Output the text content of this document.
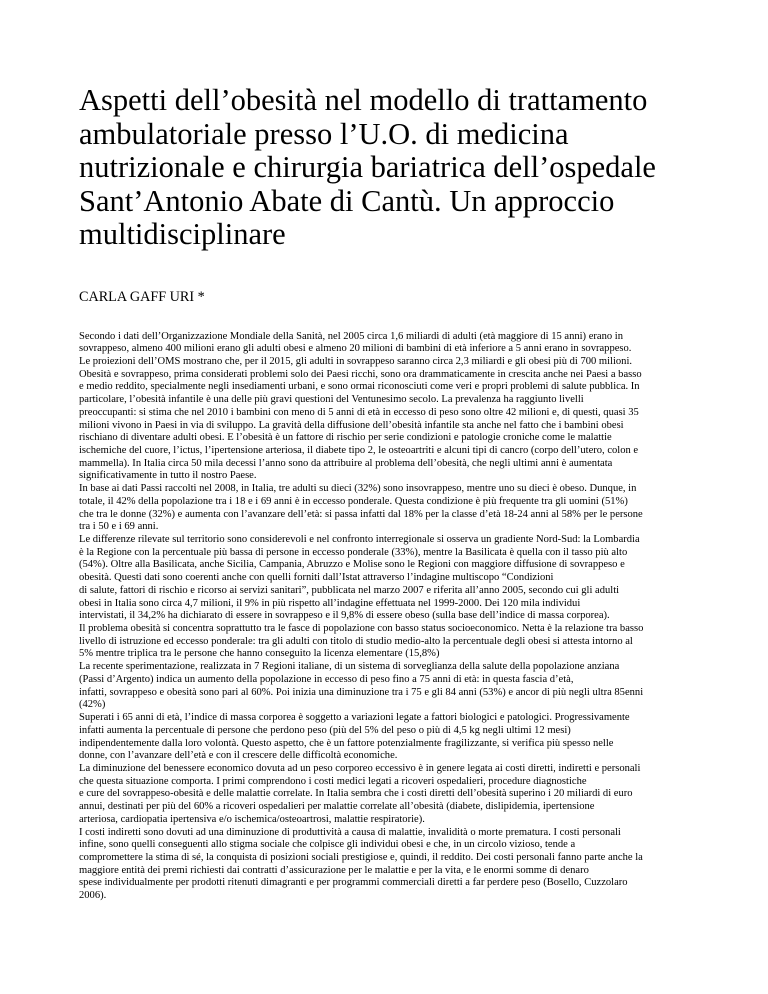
Aspetti dell’obesità nel modello di trattamento
ambulatoriale presso l’U.O. di medicina
nutrizionale e chirurgia bariatrica dell’ospedale
Sant’Antonio Abate di Cantù. Un approccio
multidisciplinare
CARLA GAFF URI *
Secondo i dati dell’Organizzazione Mondiale della Sanità, nel 2005 circa 1,6 miliardi di adulti (età maggiore di 15 anni) erano in
sovrappeso, almeno 400 milioni erano gli adulti obesi e almeno 20 milioni di bambini di età inferiore a 5 anni erano in sovrappeso.
Le proiezioni dell’OMS mostrano che, per il 2015, gli adulti in sovrappeso saranno circa 2,3 miliardi e gli obesi più di 700 milioni.
Obesità e sovrappeso, prima considerati problemi solo dei Paesi ricchi, sono ora drammaticamente in crescita anche nei Paesi a basso
e medio reddito, specialmente negli insediamenti urbani, e sono ormai riconosciuti come veri e propri problemi di salute pubblica. In
particolare, l’obesità infantile è una delle più gravi questioni del Ventunesimo secolo. La prevalenza ha raggiunto livelli
preoccupanti: si stima che nel 2010 i bambini con meno di 5 anni di età in eccesso di peso sono oltre 42 milioni e, di questi, quasi 35
milioni vivono in Paesi in via di sviluppo. La gravità della diffusione dell’obesità infantile sta anche nel fatto che i bambini obesi
rischiano di diventare adulti obesi. E l’obesità è un fattore di rischio per serie condizioni e patologie croniche come le malattie
ischemiche del cuore, l’ictus, l’ipertensione arteriosa, il diabete tipo 2, le osteoartriti e alcuni tipi di cancro (corpo dell’utero, colon e
mammella). In Italia circa 50 mila decessi l’anno sono da attribuire al problema dell’obesità, che negli ultimi anni è aumentata
significativamente in tutto il nostro Paese.
In base ai dati Passi raccolti nel 2008, in Italia, tre adulti su dieci (32%) sono insovrappeso, mentre uno su dieci è obeso. Dunque, in
totale, il 42% della popolazione tra i 18 e i 69 anni è in eccesso ponderale. Questa condizione è più frequente tra gli uomini (51%)
che tra le donne (32%) e aumenta con l’avanzare dell’età: si passa infatti dal 18% per la classe d’età 18-24 anni al 58% per le persone
tra i 50 e i 69 anni.
Le differenze rilevate sul territorio sono considerevoli e nel confronto interregionale si osserva un gradiente Nord-Sud: la Lombardia
è la Regione con la percentuale più bassa di persone in eccesso ponderale (33%), mentre la Basilicata è quella con il tasso più alto
(54%). Oltre alla Basilicata, anche Sicilia, Campania, Abruzzo e Molise sono le Regioni con maggiore diffusione di sovrappeso e
obesità. Questi dati sono coerenti anche con quelli forniti dall’Istat attraverso l’indagine multiscopo “Condizioni
di salute, fattori di rischio e ricorso ai servizi sanitari”, pubblicata nel marzo 2007 e riferita all’anno 2005, secondo cui gli adulti
obesi in Italia sono circa 4,7 milioni, il 9% in più rispetto all’indagine effettuata nel 1999-2000. Dei 120 mila individui
intervistati, il 34,2% ha dichiarato di essere in sovrappeso e il 9,8% di essere obeso (sulla base dell’indice di massa corporea).
Il problema obesità si concentra soprattutto tra le fasce di popolazione con basso status socioeconomico. Netta è la relazione tra basso
livello di istruzione ed eccesso ponderale: tra gli adulti con titolo di studio medio-alto la percentuale degli obesi si attesta intorno al
5% mentre triplica tra le persone che hanno conseguito la licenza elementare (15,8%)
La recente sperimentazione, realizzata in 7 Regioni italiane, di un sistema di sorveglianza della salute della popolazione anziana
(Passi d’Argento) indica un aumento della popolazione in eccesso di peso fino a 75 anni di età: in questa fascia d’età,
infatti, sovrappeso e obesità sono pari al 60%. Poi inizia una diminuzione tra i 75 e gli 84 anni (53%) e ancor di più negli ultra 85enni
(42%)
Superati i 65 anni di età, l’indice di massa corporea è soggetto a variazioni legate a fattori biologici e patologici. Progressivamente
infatti aumenta la percentuale di persone che perdono peso (più del 5% del peso o più di 4,5 kg negli ultimi 12 mesi)
indipendentemente dalla loro volontà. Questo aspetto, che è un fattore potenzialmente fragilizzante, si verifica più spesso nelle
donne, con l’avanzare dell’età e con il crescere delle difficoltà economiche.
La diminuzione del benessere economico dovuta ad un peso corporeo eccessivo è in genere legata ai costi diretti, indiretti e personali
che questa situazione comporta. I primi comprendono i costi medici legati a ricoveri ospedalieri, procedure diagnostiche
e cure del sovrappeso-obesità e delle malattie correlate. In Italia sembra che i costi diretti dell’obesità superino i 20 miliardi di euro
annui, destinati per più del 60% a ricoveri ospedalieri per malattie correlate all’obesità (diabete, dislipidemia, ipertensione
arteriosa, cardiopatia ipertensiva e/o ischemica/osteoartrosi, malattie respiratorie).
I costi indiretti sono dovuti ad una diminuzione di produttività a causa di malattie, invalidità o morte prematura. I costi personali
infine, sono quelli conseguenti allo stigma sociale che colpisce gli individui obesi e che, in un circolo vizioso, tende a
compromettere la stima di sé, la conquista di posizioni sociali prestigiose e, quindi, il reddito. Dei costi personali fanno parte anche la
maggiore entità dei premi richiesti dai contratti d’assicurazione per le malattie e per la vita, e le enormi somme di denaro
spese individualmente per prodotti ritenuti dimagranti e per programmi commerciali diretti a far perdere peso (Bosello, Cuzzolaro
2006).
